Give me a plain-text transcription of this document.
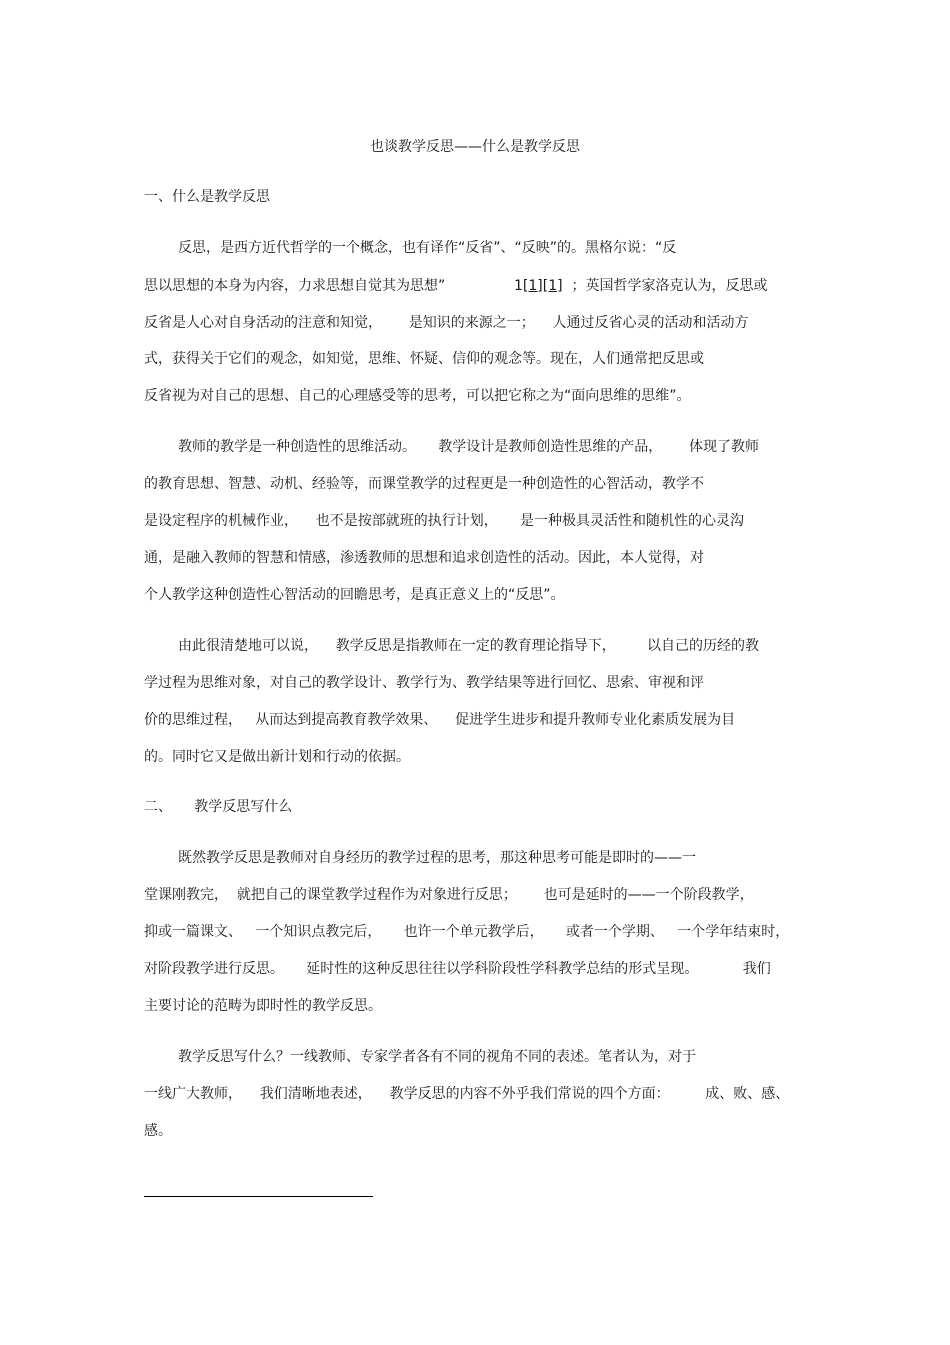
也谈教学反思——什么是教学反思
一、什么是教学反思
反思，是西方近代哲学的一个概念，也有译作“反省”、“反映”的。黑格尔说：“反
思以思想的本身为内容，力求思想自觉其为思想”	1[1][1]  ；英国哲学家洛克认为，反思或
反省是人心对自身活动的注意和知觉，      是知识的来源之一；    人通过反省心灵的活动和活动方
式，获得关于它们的观念，如知觉，思维、怀疑、信仰的观念等。现在，人们通常把反思或
反省视为对自己的思想、自己的心理感受等的思考，可以把它称之为“面向思维的思维”。
教师的教学是一种创造性的思维活动。     教学设计是教师创造性思维的产品，      体现了教师
的教育思想、智慧、动机、经验等，而课堂教学的过程更是一种创造性的心智活动，教学不
是设定程序的机械作业，    也不是按部就班的执行计划，     是一种极具灵活性和随机性的心灵沟
通，是融入教师的智慧和情感，渗透教师的思想和追求创造性的活动。因此，本人觉得，对
个人教学这种创造性心智活动的回瞻思考，是真正意义上的“反思”。
由此很清楚地可以说，    教学反思是指教师在一定的教育理论指导下，       以自己的历经的教
学过程为思维对象，对自己的教学设计、教学行为、教学结果等进行回忆、思索、审视和评
价的思维过程，   从而达到提高教育教学效果、    促进学生进步和提升教师专业化素质发展为目
的。同时它又是做出新计划和行动的依据。
二、     教学反思写什么
既然教学反思是教师对自身经历的教学过程的思考，那这种思考可能是即时的——一
堂课刚教完，  就把自己的课堂教学过程作为对象进行反思；      也可是延时的——一个阶段教学，
抑或一篇课文、   一个知识点教完后，     也许一个单元教学后，     或者一个学期、   一个学年结束时，
对阶段教学进行反思。     延时性的这种反思往往以学科阶段性学科教学总结的形式呈现。          我们
主要讨论的范畴为即时性的教学反思。
教学反思写什么？一线教师、专家学者各有不同的视角不同的表述。笔者认为，对于
一线广大教师，    我们清晰地表述，    教学反思的内容不外乎我们常说的四个方面：        成、败、感、
感。
